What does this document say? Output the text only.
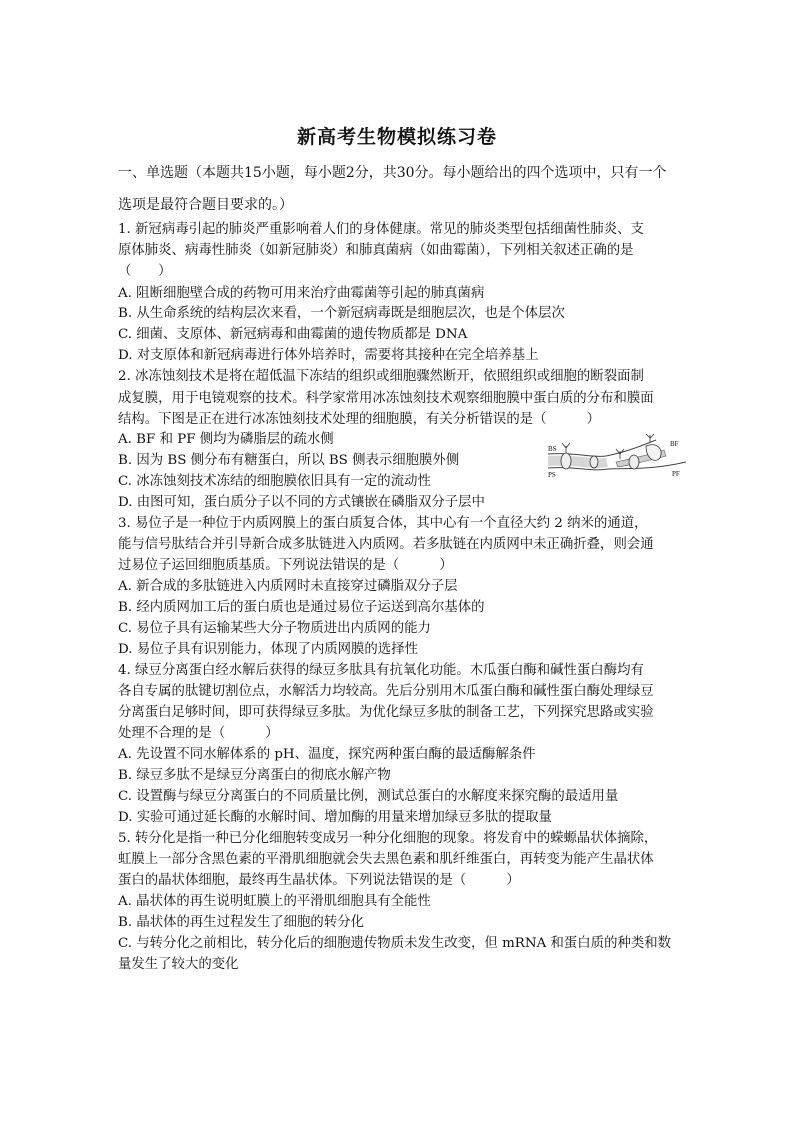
新高考生物模拟练习卷
一、单选题（本题共15小题，每小题2分，共30分。每小题给出的四个选项中，只有一个
选项是最符合题目要求的。）
1. 新冠病毒引起的肺炎严重影响着人们的身体健康。常见的肺炎类型包括细菌性肺炎、支
原体肺炎、病毒性肺炎（如新冠肺炎）和肺真菌病（如曲霉菌），下列相关叙述正确的是
（　　）
A. 阻断细胞壁合成的药物可用来治疗曲霉菌等引起的肺真菌病
B. 从生命系统的结构层次来看，一个新冠病毒既是细胞层次，也是个体层次
C. 细菌、支原体、新冠病毒和曲霉菌的遗传物质都是 DNA
D. 对支原体和新冠病毒进行体外培养时，需要将其接种在完全培养基上
2. 冰冻蚀刻技术是将在超低温下冻结的组织或细胞骤然断开，依照组织或细胞的断裂面制
成复膜，用于电镜观察的技术。科学家常用冰冻蚀刻技术观察细胞膜中蛋白质的分布和膜面
结构。下图是正在进行冰冻蚀刻技术处理的细胞膜，有关分析错误的是（　　　）
A. BF 和 PF 侧均为磷脂层的疏水侧
B. 因为 BS 侧分布有糖蛋白，所以 BS 侧表示细胞膜外侧
C. 冰冻蚀刻技术冻结的细胞膜依旧具有一定的流动性
D. 由图可知，蛋白质分子以不同的方式镶嵌在磷脂双分子层中
3. 易位子是一种位于内质网膜上的蛋白质复合体，其中心有一个直径大约 2 纳米的通道，
能与信号肽结合并引导新合成多肽链进入内质网。若多肽链在内质网中未正确折叠，则会通
过易位子运回细胞质基质。下列说法错误的是（　　　）
A. 新合成的多肽链进入内质网时未直接穿过磷脂双分子层
B. 经内质网加工后的蛋白质也是通过易位子运送到高尔基体的
C. 易位子具有运输某些大分子物质进出内质网的能力
D. 易位子具有识别能力，体现了内质网膜的选择性
4. 绿豆分离蛋白经水解后获得的绿豆多肽具有抗氧化功能。木瓜蛋白酶和碱性蛋白酶均有
各自专属的肽键切割位点，水解活力均较高。先后分别用木瓜蛋白酶和碱性蛋白酶处理绿豆
分离蛋白足够时间，即可获得绿豆多肽。为优化绿豆多肽的制备工艺，下列探究思路或实验
处理不合理的是（　　　）
A. 先设置不同水解体系的 pH、温度，探究两种蛋白酶的最适酶解条件
B. 绿豆多肽不是绿豆分离蛋白的彻底水解产物
C. 设置酶与绿豆分离蛋白的不同质量比例，测试总蛋白的水解度来探究酶的最适用量
D. 实验可通过延长酶的水解时间、增加酶的用量来增加绿豆多肽的提取量
5. 转分化是指一种已分化细胞转变成另一种分化细胞的现象。将发育中的蝾螈晶状体摘除，
虹膜上一部分含黑色素的平滑肌细胞就会失去黑色素和肌纤维蛋白，再转变为能产生晶状体
蛋白的晶状体细胞，最终再生晶状体。下列说法错误的是（　　　）
A. 晶状体的再生说明虹膜上的平滑肌细胞具有全能性
B. 晶状体的再生过程发生了细胞的转分化
C. 与转分化之前相比，转分化后的细胞遗传物质未发生改变，但 mRNA 和蛋白质的种类和数
量发生了较大的变化
BS
PS
BF
PF
